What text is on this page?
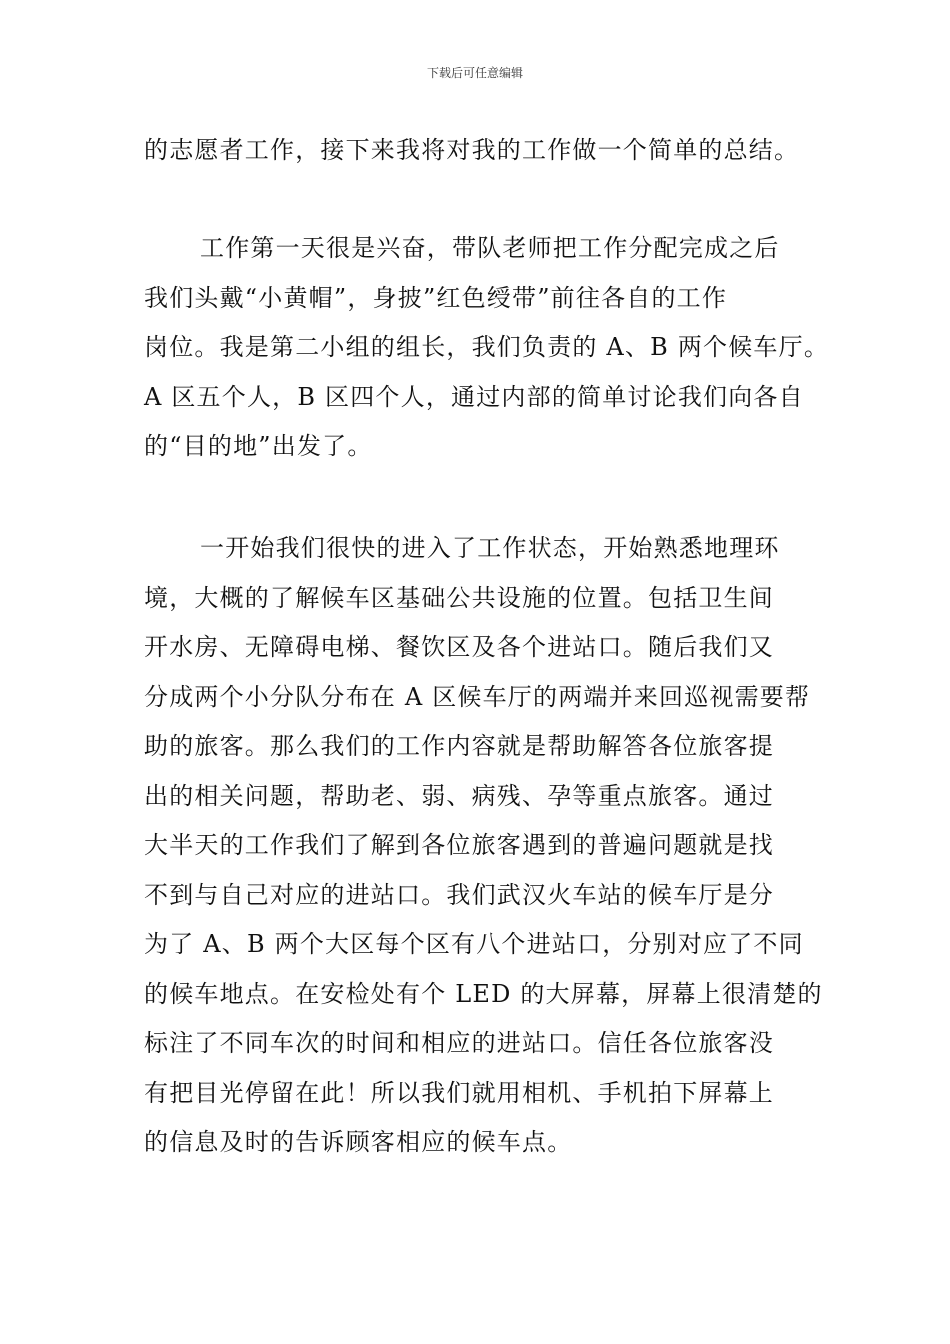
下载后可任意编辑
的志愿者工作，接下来我将对我的工作做一个简单的总结。
工作第一天很是兴奋，带队老师把工作分配完成之后
我们头戴“小黄帽”，身披”红色绶带”前往各自的工作
岗位。我是第二小组的组长，我们负责的 A、B 两个候车厅。
A 区五个人，B 区四个人，通过内部的简单讨论我们向各自
的“目的地”出发了。
一开始我们很快的进入了工作状态，开始熟悉地理环
境，大概的了解候车区基础公共设施的位置。包括卫生间
开水房、无障碍电梯、餐饮区及各个进站口。随后我们又
分成两个小分队分布在 A 区候车厅的两端并来回巡视需要帮
助的旅客。那么我们的工作内容就是帮助解答各位旅客提
出的相关问题，帮助老、弱、病残、孕等重点旅客。通过
大半天的工作我们了解到各位旅客遇到的普遍问题就是找
不到与自己对应的进站口。我们武汉火车站的候车厅是分
为了 A、B 两个大区每个区有八个进站口，分别对应了不同
的候车地点。在安检处有个 LED 的大屏幕，屏幕上很清楚的
标注了不同车次的时间和相应的进站口。信任各位旅客没
有把目光停留在此！所以我们就用相机、手机拍下屏幕上
的信息及时的告诉顾客相应的候车点。
